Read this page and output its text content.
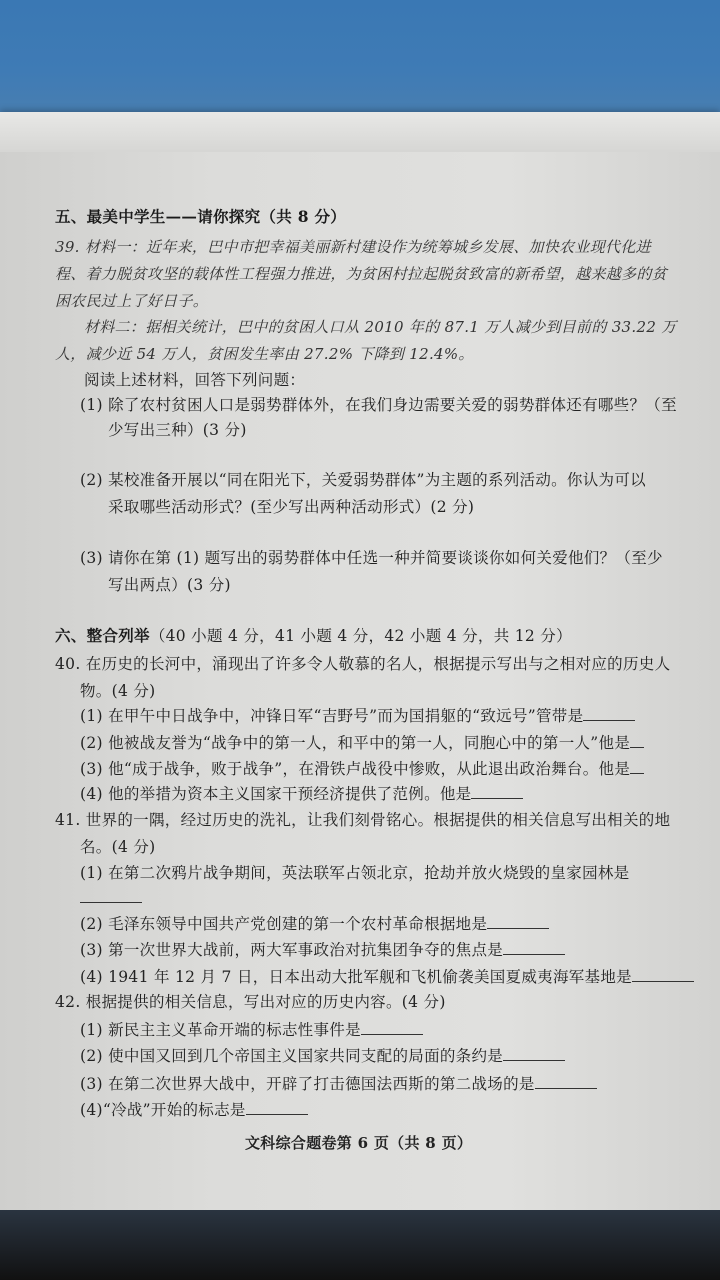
五、最美中学生——请你探究（共 8 分）
39. 材料一：近年来，巴中市把幸福美丽新村建设作为统筹城乡发展、加快农业现代化进
程、着力脱贫攻坚的载体性工程强力推进，为贫困村拉起脱贫致富的新希望，越来越多的贫
困农民过上了好日子。
材料二：据相关统计，巴中的贫困人口从 2010 年的 87.1 万人减少到目前的 33.22 万
人，减少近 54 万人，贫困发生率由 27.2% 下降到 12.4%。
阅读上述材料，回答下列问题：
(1) 除了农村贫困人口是弱势群体外，在我们身边需要关爱的弱势群体还有哪些？（至
少写出三种）(3 分)
(2) 某校准备开展以“同在阳光下，关爱弱势群体”为主题的系列活动。你认为可以
采取哪些活动形式？(至少写出两种活动形式）(2 分)
(3) 请你在第 (1) 题写出的弱势群体中任选一种并简要谈谈你如何关爱他们？（至少
写出两点）(3 分)
六、整合列举（40 小题 4 分，41 小题 4 分，42 小题 4 分，共 12 分）
40. 在历史的长河中，涌现出了许多令人敬慕的名人，根据提示写出与之相对应的历史人
物。(4 分)
(1) 在甲午中日战争中，冲锋日军“吉野号”而为国捐躯的“致远号”管带是
(2) 他被战友誉为“战争中的第一人，和平中的第一人，同胞心中的第一人”他是
(3) 他“成于战争，败于战争”，在滑铁卢战役中惨败，从此退出政治舞台。他是
(4) 他的举措为资本主义国家干预经济提供了范例。他是
41. 世界的一隅，经过历史的洗礼，让我们刻骨铭心。根据提供的相关信息写出相关的地
名。(4 分)
(1) 在第二次鸦片战争期间，英法联军占领北京，抢劫并放火烧毁的皇家园林是
(2) 毛泽东领导中国共产党创建的第一个农村革命根据地是
(3) 第一次世界大战前，两大军事政治对抗集团争夺的焦点是
(4) 1941 年 12 月 7 日，日本出动大批军舰和飞机偷袭美国夏威夷海军基地是
42. 根据提供的相关信息，写出对应的历史内容。(4 分)
(1) 新民主主义革命开端的标志性事件是
(2) 使中国又回到几个帝国主义国家共同支配的局面的条约是
(3) 在第二次世界大战中，开辟了打击德国法西斯的第二战场的是
(4)“冷战”开始的标志是
文科综合题卷第 6 页（共 8 页）
